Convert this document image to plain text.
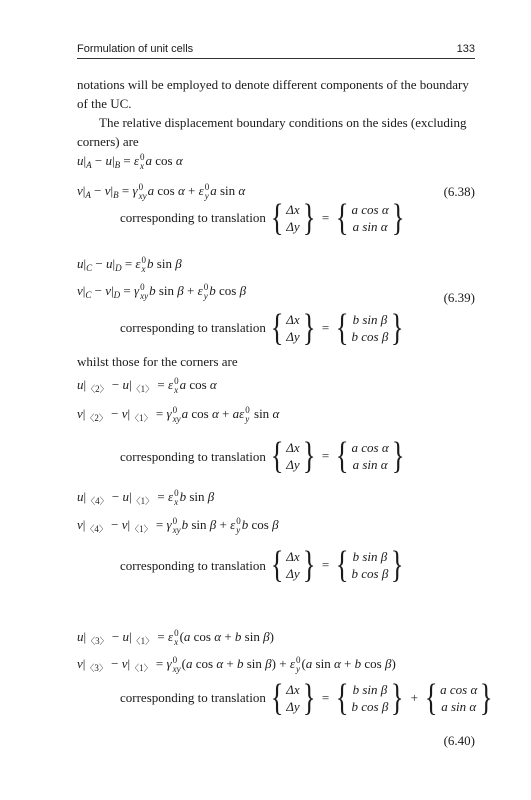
Formulation of unit cells	133

notations will be employed to denote different components of the boundary of the UC.

The relative displacement boundary conditions on the sides (excluding corners) are

$u|_A - u|_B = \varepsilon$ 0
x a cos α
$v|_A - v|_B = \gamma$ 0
xy a cos α + ε 0
y a sin α	(6.38)
corresponding to translation { Δx
Δy } = { a cos α
a sin α }
$u|_C - u|_D = \varepsilon$ 0
x b sin β
$v|_C - v|_D = \gamma$ 0
xy b sin β + ε 0
y b cos β	(6.39)
corresponding to translation { Δx
Δy } = { b sin β
b cos β }

whilst those for the corners are

$u|_{〈2〉} - u|_{〈1〉} = \varepsilon$ 0
x a cos α
$v|_{〈2〉} - v|_{〈1〉} = \gamma$ 0
xy a cos α + aε 0
y sin α
corresponding to translation { Δx
Δy } = { a cos α
a sin α }
$u|_{〈4〉} - u|_{〈1〉} = \varepsilon$ 0
x b sin β
$v|_{〈4〉} - v|_{〈1〉} = \gamma$ 0
xy b sin β + ε 0
y b cos β
corresponding to translation { Δx
Δy } = { b sin β
b cos β }
$u|_{〈3〉} - u|_{〈1〉} = \varepsilon$ 0
x (a cos α + b sin β)
$v|_{〈3〉} - v|_{〈1〉} = \gamma$ 0
xy (a cos α + b sin β) + ε 0
y (a sin α + b cos β)
corresponding to translation { Δx
Δy } = { b sin β
b cos β } + { a cos α
a sin α }
(6.40)
